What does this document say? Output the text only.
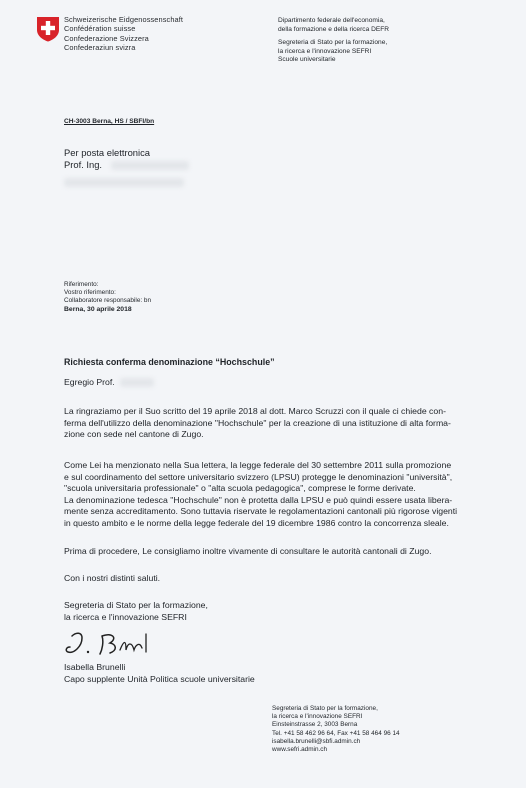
Schweizerische Eidgenossenschaft
Confédération suisse
Confederazione Svizzera
Confederaziun svizra
Dipartimento federale dell'economia,
della formazione e della ricerca DEFR
Segreteria di Stato per la formazione,
la ricerca e l'innovazione SEFRI
Scuole universitarie
CH-3003 Berna, HS / SBFI/bn
Per posta elettronica
Prof. Ing.
Riferimento:
Vostro riferimento:
Collaboratore responsabile: bn
Berna, 30 aprile 2018
Richiesta conferma denominazione “Hochschule”
Egregio Prof.
La ringraziamo per il Suo scritto del 19 aprile 2018 al dott. Marco Scruzzi con il quale ci chiede con-
ferma dell'utilizzo della denominazione "Hochschule" per la creazione di una istituzione di alta forma-
zione con sede nel cantone di Zugo.
Come Lei ha menzionato nella Sua lettera, la legge federale del 30 settembre 2011 sulla promozione
e sul coordinamento del settore universitario svizzero (LPSU) protegge le denominazioni "università",
"scuola universitaria professionale" o "alta scuola pedagogica", comprese le forme derivate.
La denominazione tedesca "Hochschule" non è protetta dalla LPSU e può quindi essere usata libera-
mente senza accreditamento. Sono tuttavia riservate le regolamentazioni cantonali più rigorose vigenti
in questo ambito e le norme della legge federale del 19 dicembre 1986 contro la concorrenza sleale.
Prima di procedere, Le consigliamo inoltre vivamente di consultare le autorità cantonali di Zugo.
Con i nostri distinti saluti.
Segreteria di Stato per la formazione,
la ricerca e l'innovazione SEFRI
Isabella Brunelli
Capo supplente Unità Politica scuole universitarie
Segreteria di Stato per la formazione,
la ricerca e l'innovazione SEFRI
Einsteinstrasse 2, 3003 Berna
Tel. +41 58 462 96 64, Fax +41 58 464 96 14
isabella.brunelli@sbfi.admin.ch
www.sefri.admin.ch
